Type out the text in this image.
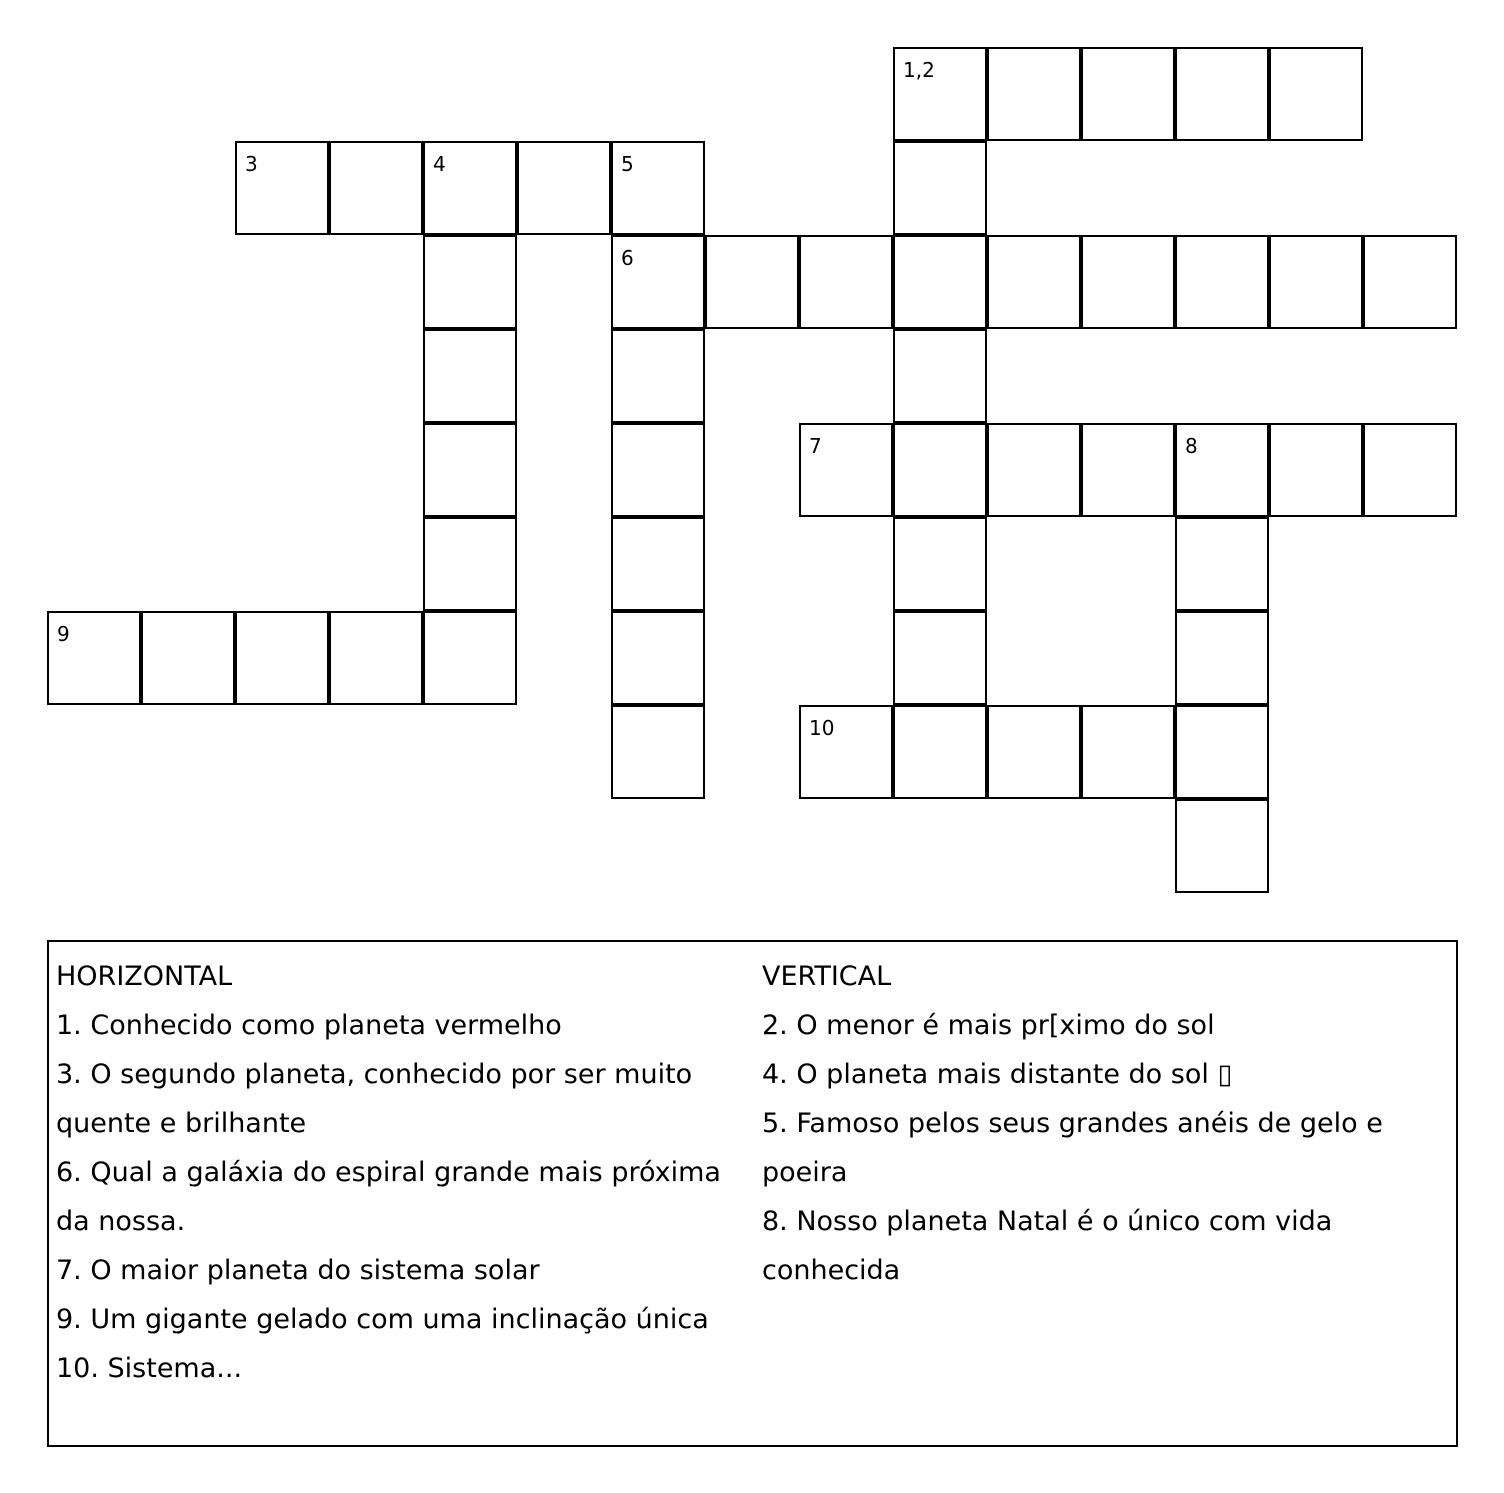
1,2
3	4	5
6
7	8
9
10
HORIZONTAL
1. Conhecido como planeta vermelho
3. O segundo planeta, conhecido por ser muito quente e brilhante
6. Qual a galáxia do espiral grande mais próxima da nossa.
7. O maior planeta do sistema solar
9. Um gigante gelado com uma inclinação única
10. Sistema...
VERTICAL
2. O menor é mais pr[ximo do sol
4. O planeta mais distante do sol ▯
5. Famoso pelos seus grandes anéis de gelo e poeira
8. Nosso planeta Natal é o único com vida conhecida
